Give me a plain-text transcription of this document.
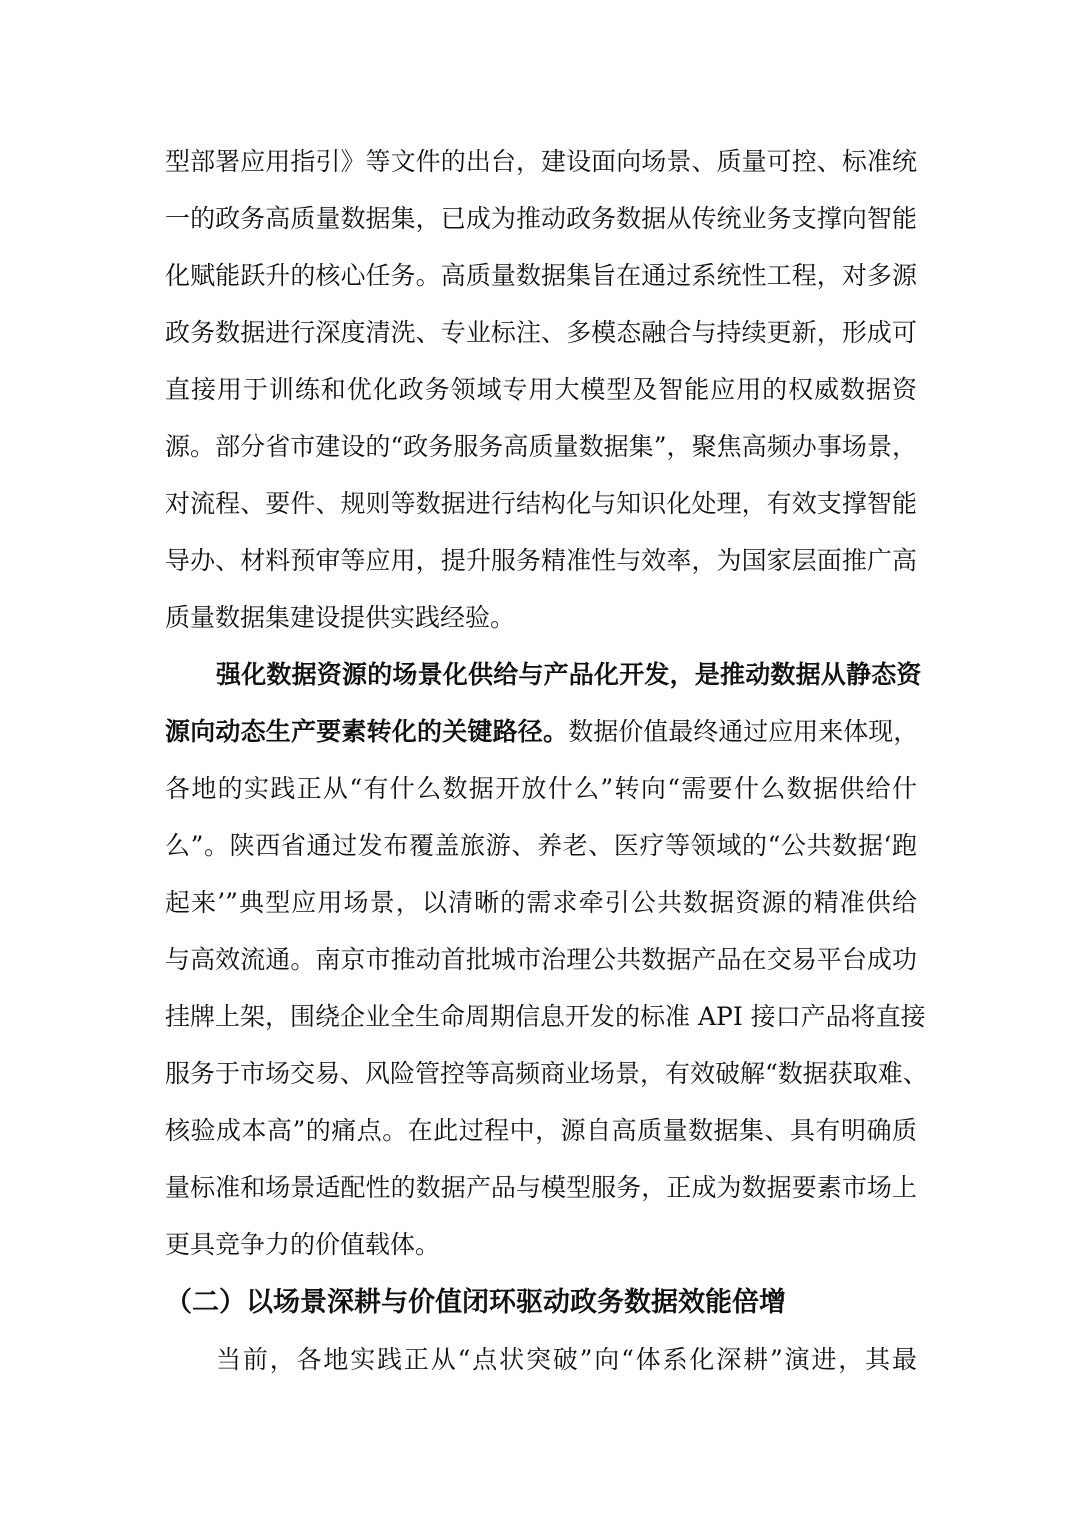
型部署应用指引》等文件的出台，建设面向场景、质量可控、标准统
一的政务高质量数据集，已成为推动政务数据从传统业务支撑向智能
化赋能跃升的核心任务。高质量数据集旨在通过系统性工程，对多源
政务数据进行深度清洗、专业标注、多模态融合与持续更新，形成可
直接用于训练和优化政务领域专用大模型及智能应用的权威数据资
源。部分省市建设的“政务服务高质量数据集”，聚焦高频办事场景，
对流程、要件、规则等数据进行结构化与知识化处理，有效支撑智能
导办、材料预审等应用，提升服务精准性与效率，为国家层面推广高
质量数据集建设提供实践经验。
强化数据资源的场景化供给与产品化开发，是推动数据从静态资
源向动态生产要素转化的关键路径。数据价值最终通过应用来体现，
各地的实践正从“有什么数据开放什么”转向“需要什么数据供给什
么”。陕西省通过发布覆盖旅游、养老、医疗等领域的“公共数据‘跑
起来’”典型应用场景，以清晰的需求牵引公共数据资源的精准供给
与高效流通。南京市推动首批城市治理公共数据产品在交易平台成功
挂牌上架，围绕企业全生命周期信息开发的标准 API 接口产品将直接
服务于市场交易、风险管控等高频商业场景，有效破解“数据获取难、
核验成本高”的痛点。在此过程中，源自高质量数据集、具有明确质
量标准和场景适配性的数据产品与模型服务，正成为数据要素市场上
更具竞争力的价值载体。
（二）以场景深耕与价值闭环驱动政务数据效能倍增
当前，各地实践正从“点状突破”向“体系化深耕”演进，其最
